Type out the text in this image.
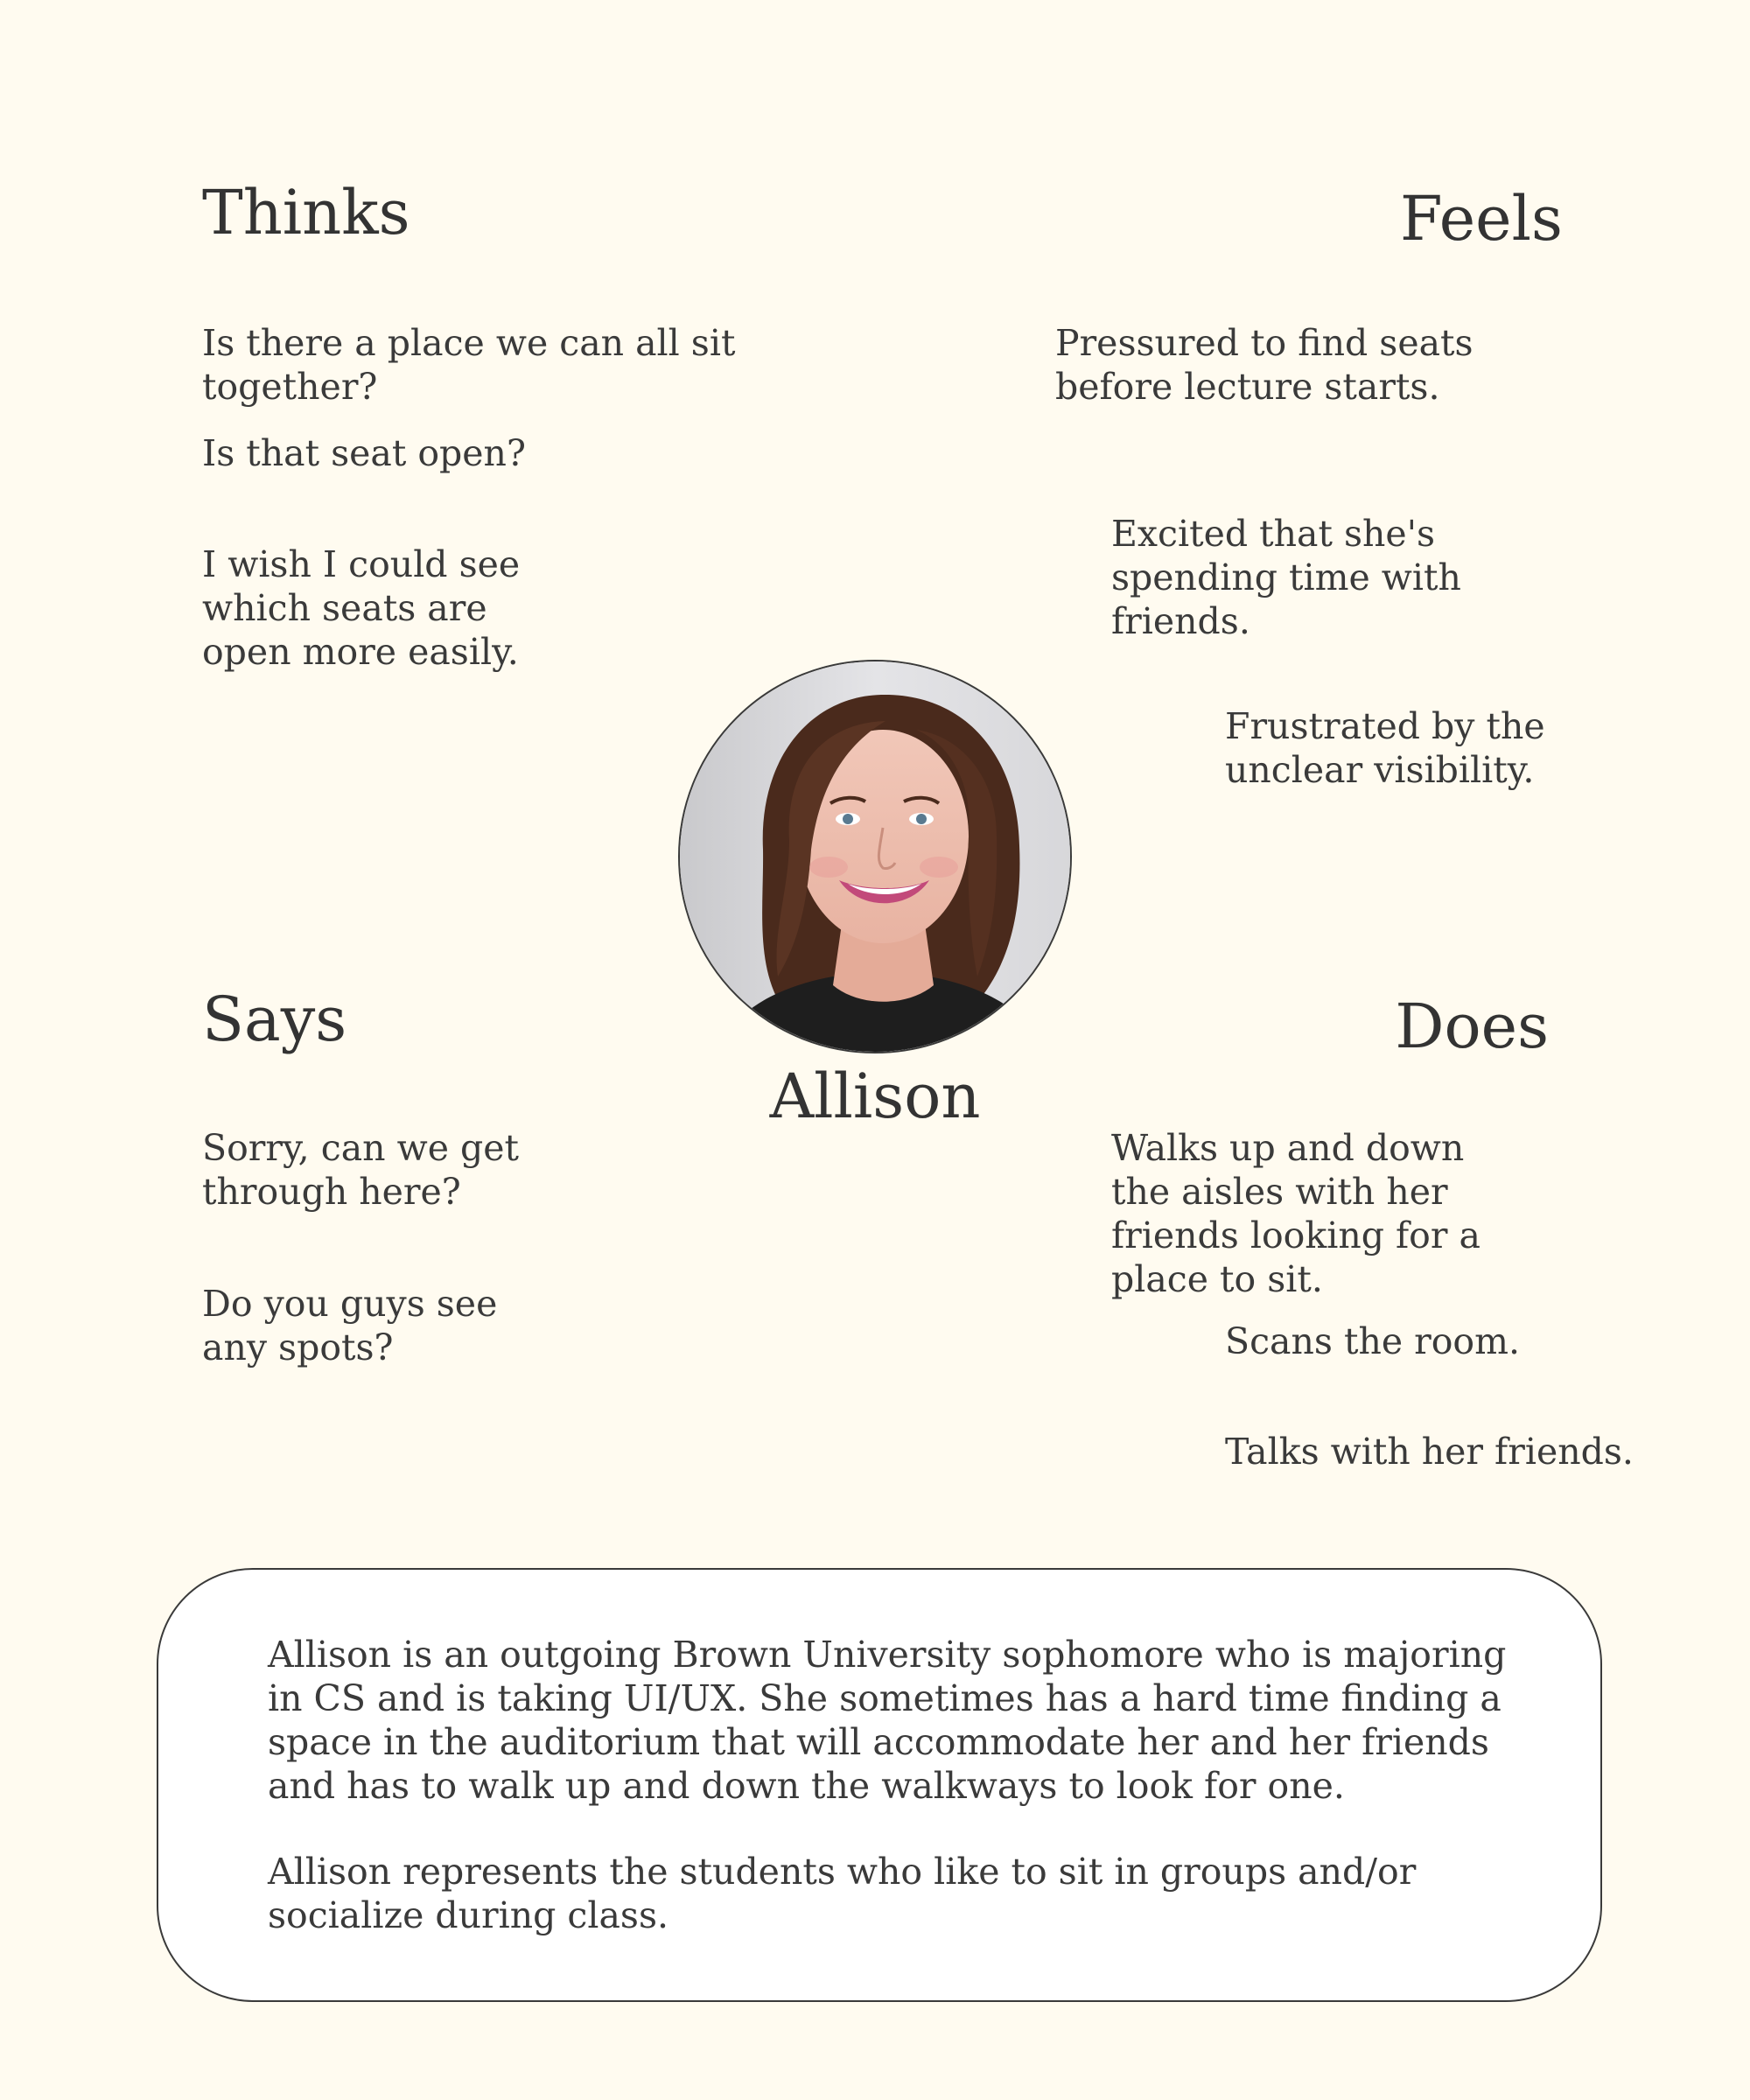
Thinks

Is there a place we can all sit together?

Is that seat open?

I wish I could see which seats are open more easily.

Feels

Pressured to find seats before lecture starts.

Excited that she's spending time with friends.

Frustrated by the unclear visibility.

Allison
Says

Sorry, can we get through here?

Do you guys see any spots?

Does

Walks up and down the aisles with her friends looking for a place to sit.

Scans the room.

Talks with her friends.

Allison is an outgoing Brown University sophomore who is majoring in CS and is taking UI/UX. She sometimes has a hard time finding a space in the auditorium that will accommodate her and her friends and has to walk up and down the walkways to look for one.

Allison represents the students who like to sit in groups and/or socialize during class.
